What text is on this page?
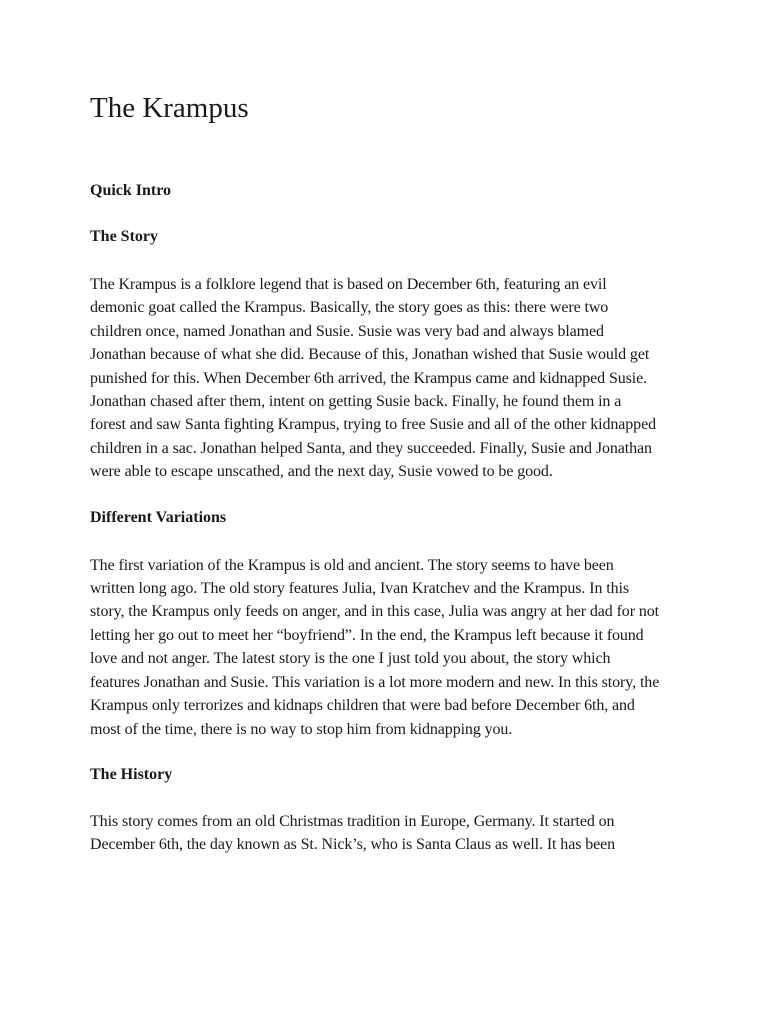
The Krampus
Quick Intro
The Story

The Krampus is a folklore legend that is based on December 6th, featuring an evil demonic goat called the Krampus. Basically, the story goes as this: there were two children once, named Jonathan and Susie. Susie was very bad and always blamed Jonathan because of what she did. Because of this, Jonathan wished that Susie would get punished for this. When December 6th arrived, the Krampus came and kidnapped Susie. Jonathan chased after them, intent on getting Susie back. Finally, he found them in a forest and saw Santa fighting Krampus, trying to free Susie and all of the other kidnapped children in a sac. Jonathan helped Santa, and they succeeded. Finally, Susie and Jonathan were able to escape unscathed, and the next day, Susie vowed to be good.

Different Variations

The first variation of the Krampus is old and ancient. The story seems to have been written long ago. The old story features Julia, Ivan Kratchev and the Krampus. In this story, the Krampus only feeds on anger, and in this case, Julia was angry at her dad for not letting her go out to meet her “boyfriend”. In the end, the Krampus left because it found love and not anger. The latest story is the one I just told you about, the story which features Jonathan and Susie. This variation is a lot more modern and new. In this story, the Krampus only terrorizes and kidnaps children that were bad before December 6th, and most of the time, there is no way to stop him from kidnapping you.

The History

This story comes from an old Christmas tradition in Europe, Germany. It started on December 6th, the day known as St. Nick’s, who is Santa Claus as well. It has been
